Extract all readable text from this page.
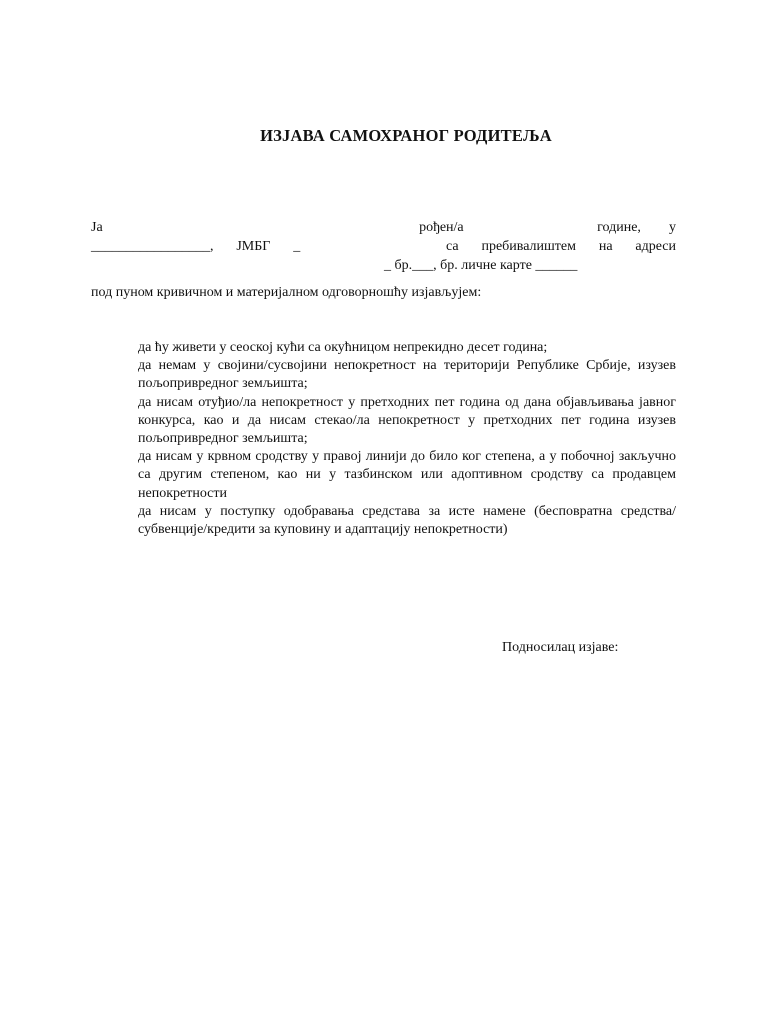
ИЗЈАВА САМОХРАНОГ РОДИТЕЉА
Ја	рођен/а	године, у
_________________, ЈМБГ _	са пребивалиштем на адреси
_ бр.___, бр. личне карте ______
под пуном кривичном и материјалном одговорношћу изјављујем:

да ћу живети у сеоској кући са окућницом непрекидно десет година;

да немам у својини/сусвојини непокретност на територији Републике Србије, изузев пољопривредног земљишта;

да нисам отуђио/ла непокретност у претходних пет година од дана објављивања јавног конкурса, као и да нисам стекао/ла непокретност у претходних пет година изузев пољопривредног земљишта;

да нисам у крвном сродству у правој линији до било ког степена, а у побочној закључно са другим степеном, као ни у тазбинском или адоптивном сродству са продавцем непокретности

да нисам у поступку одобравања средстава за исте намене (бесповратна средства/субвенције/кредити за куповину и адаптацију непокретности)

Подносилац изјаве:
